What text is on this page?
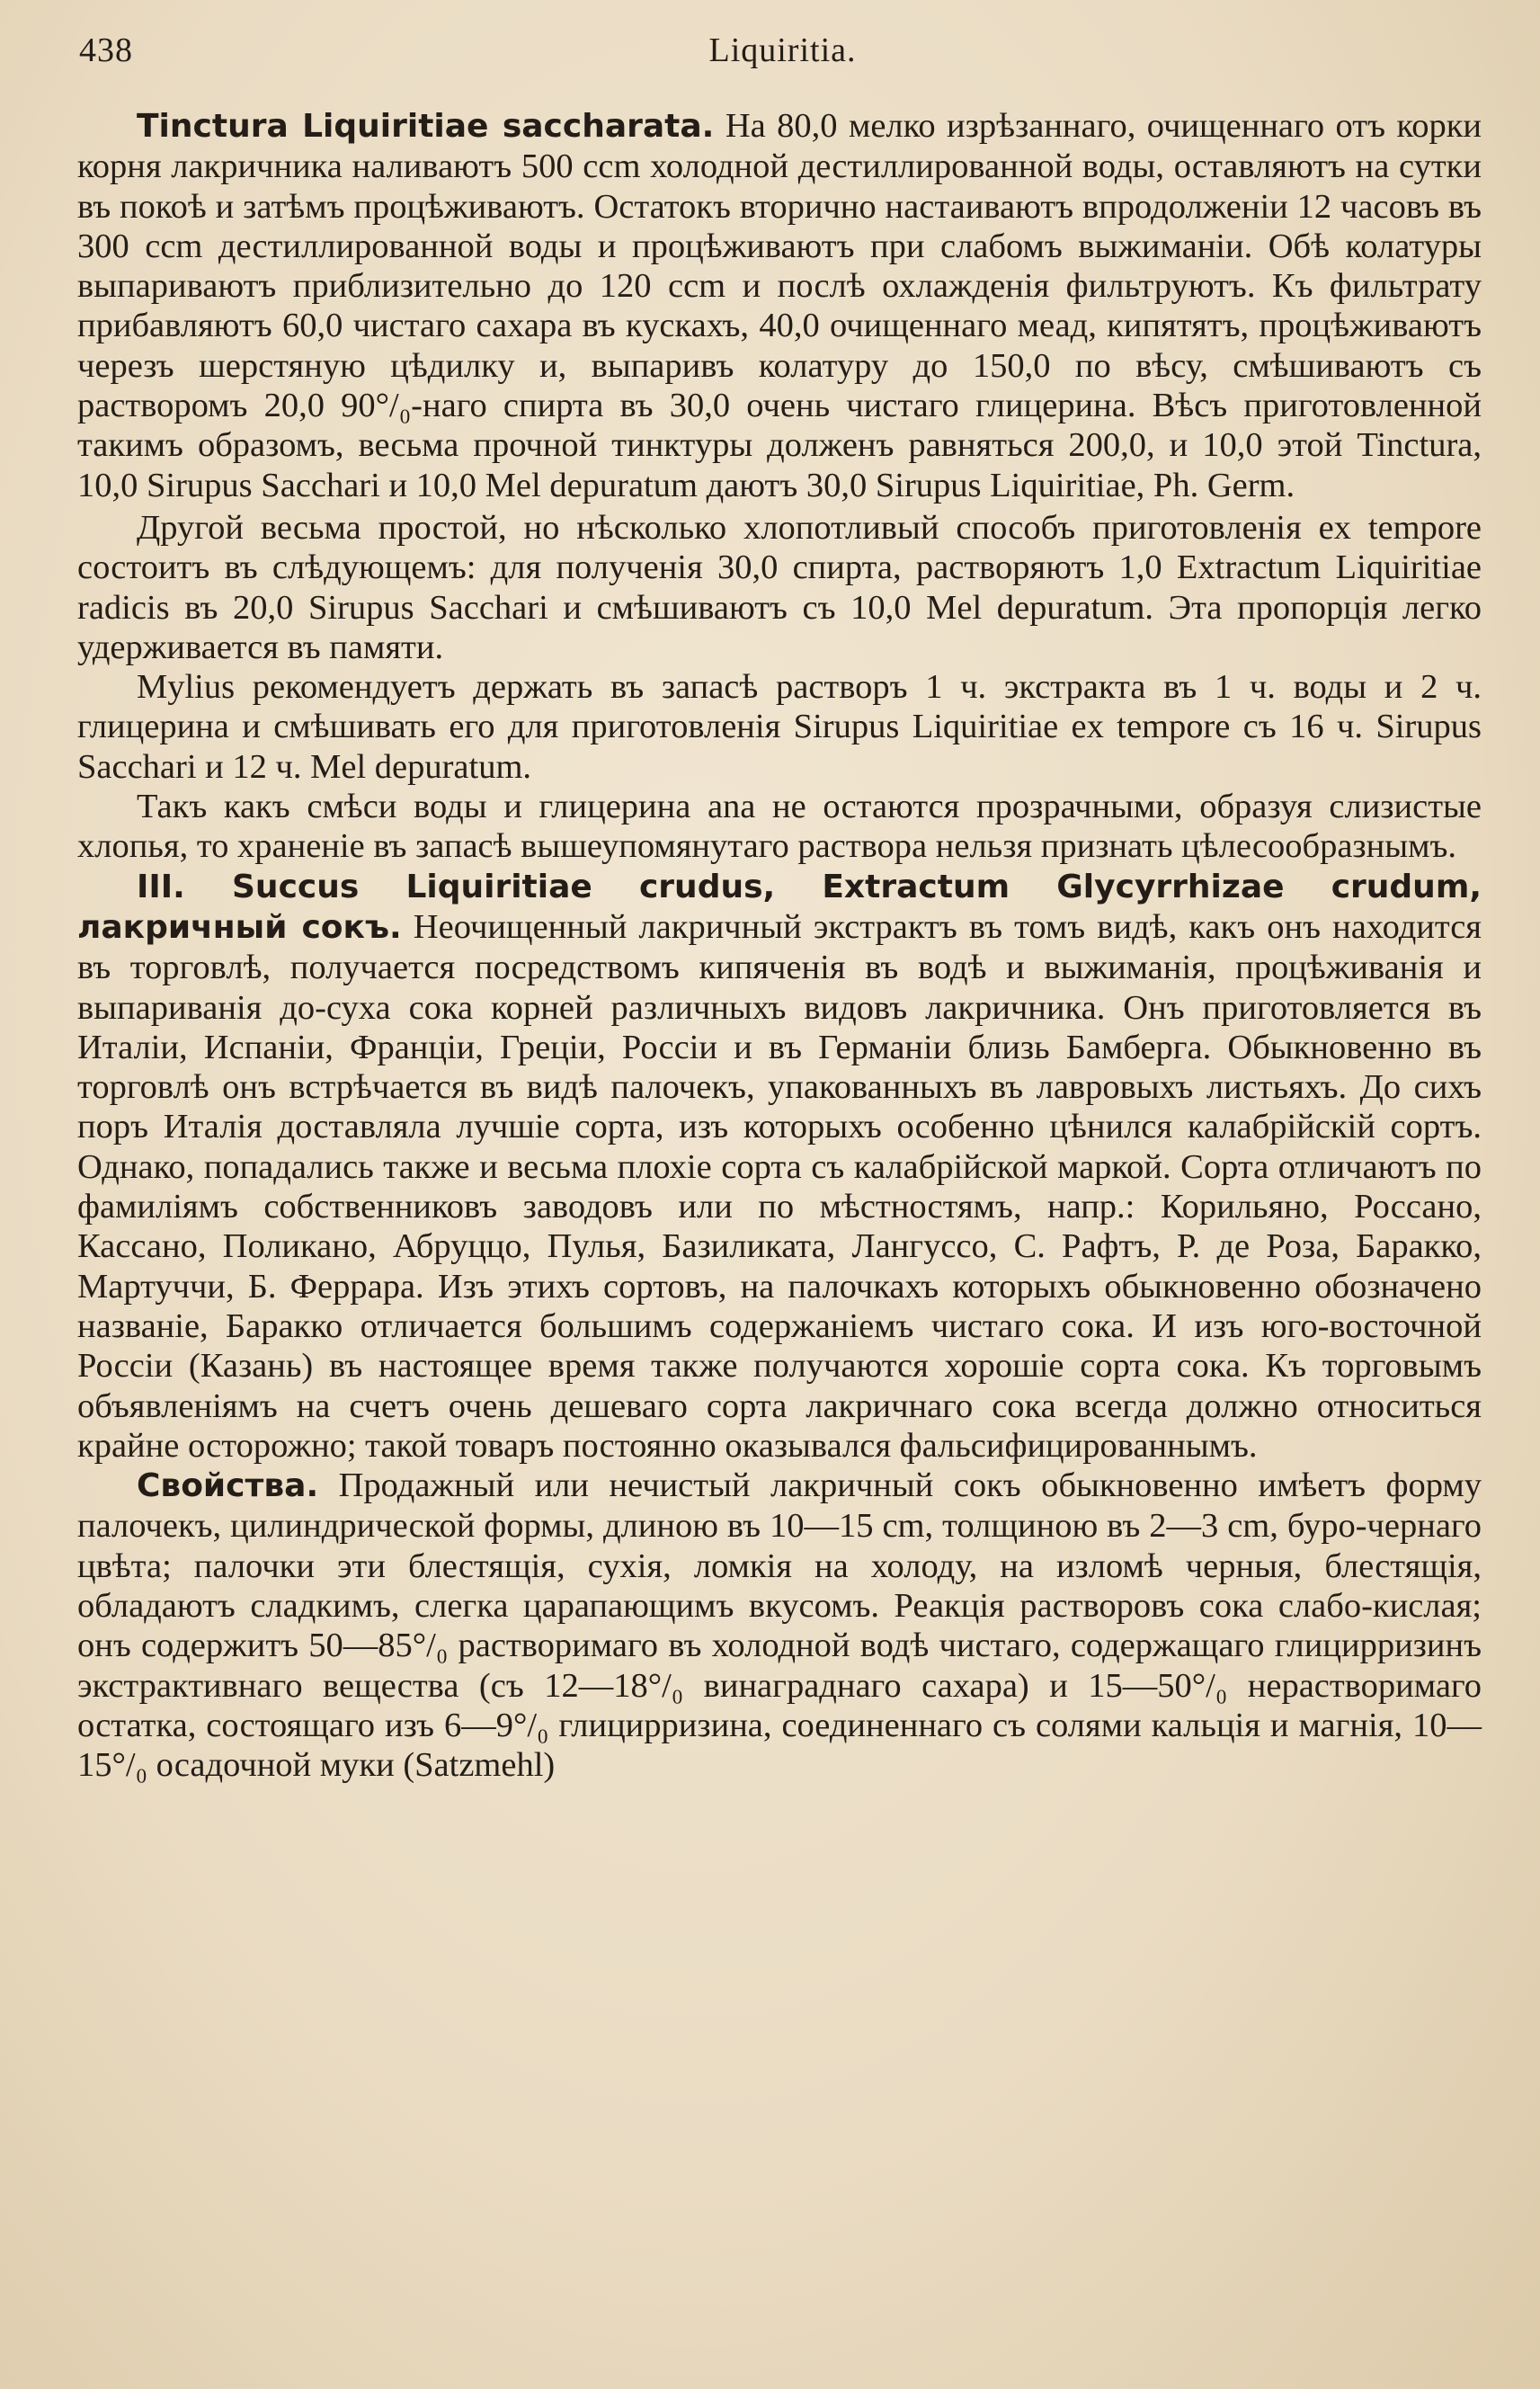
438	Liquiritia.

Tinctura Liquiritiae saccharata. На 80,0 мелко изрѣзаннаго, очищеннаго отъ корки корня лакричника наливаютъ 500 ccm холодной дестиллированной воды, оставляютъ на сутки въ покоѣ и затѣмъ процѣживаютъ. Остатокъ вторично настаиваютъ впродолженіи 12 часовъ въ 300 ccm дестиллированной воды и процѣживаютъ при слабомъ выжиманіи. Обѣ колатуры выпариваютъ приблизительно до 120 ccm и послѣ охлажденія фильтруютъ. Къ фильтрату прибавляютъ 60,0 чистаго сахара въ кускахъ, 40,0 очищеннаго меад, кипятятъ, процѣживаютъ черезъ шерстяную цѣдилку и, выпаривъ колатуру до 150,0 по вѣсу, смѣшиваютъ съ растворомъ 20,0 90°/₀-наго спирта въ 30,0 очень чистаго глицерина. Вѣсъ приготовленной такимъ образомъ, весьма прочной тинктуры долженъ равняться 200,0, и 10,0 этой Tinctura, 10,0 Sirupus Sacchari и 10,0 Mel depuratum даютъ 30,0 Sirupus Liquiritiae, Ph. Germ.

Другой весьма простой, но нѣсколько хлопотливый способъ приготовленія ex tempore состоитъ въ слѣдующемъ: для полученія 30,0 спирта, растворяютъ 1,0 Extractum Liquiritiae radicis въ 20,0 Sirupus Sacchari и смѣшиваютъ съ 10,0 Mel depuratum. Эта пропорція легко удерживается въ памяти.

Mylius рекомендуетъ держать въ запасѣ растворъ 1 ч. экстракта въ 1 ч. воды и 2 ч. глицерина и смѣшивать его для приготовленія Sirupus Liquiritiae ex tempore съ 16 ч. Sirupus Sacchari и 12 ч. Mel depuratum.

Такъ какъ смѣси воды и глицерина ana не остаются прозрачными, образуя слизистые хлопья, то храненіе въ запасѣ вышеупомянутаго раствора нельзя признать цѣлесообразнымъ.

III. Succus Liquiritiae crudus, Extractum Glycyrrhizae crudum, лакричный сокъ. Неочищенный лакричный экстрактъ въ томъ видѣ, какъ онъ находится въ торговлѣ, получается посредствомъ кипяченія въ водѣ и выжиманія, процѣживанія и выпариванія до-суха сока корней различныхъ видовъ лакричника. Онъ приготовляется въ Италіи, Испаніи, Франціи, Греціи, Россіи и въ Германіи близь Бамберга. Обыкновенно въ торговлѣ онъ встрѣчается въ видѣ палочекъ, упакованныхъ въ лавровыхъ листьяхъ. До сихъ поръ Италія доставляла лучшіе сорта, изъ которыхъ особенно цѣнился калабрійскій сортъ. Однако, попадались также и весьма плохіе сорта съ калабрійской маркой. Сорта отличаютъ по фамиліямъ собственниковъ заводовъ или по мѣстностямъ, напр.: Корильяно, Россано, Кассано, Поликано, Абруццо, Пулья, Базиликата, Лангуссо, С. Рафтъ, Р. де Роза, Баракко, Мартуччи, Б. Феррара. Изъ этихъ сортовъ, на палочкахъ которыхъ обыкновенно обозначено названіе, Баракко отличается большимъ содержаніемъ чистаго сока. И изъ юго-восточной Россіи (Казань) въ настоящее время также получаются хорошіе сорта сока. Къ торговымъ объявленіямъ на счетъ очень дешеваго сорта лакричнаго сока всегда должно относиться крайне осторожно; такой товаръ постоянно оказывался фальсифицированнымъ.

Свойства. Продажный или нечистый лакричный сокъ обыкновенно имѣетъ форму палочекъ, цилиндрической формы, длиною въ 10—15 cm, толщиною въ 2—3 cm, буро-чернаго цвѣта; палочки эти блестящія, сухія, ломкія на холоду, на изломѣ черныя, блестящія, обладаютъ сладкимъ, слегка царапающимъ вкусомъ. Реакція растворовъ сока слабо-кислая; онъ содержитъ 50—85°/₀ растворимаго въ холодной водѣ чистаго, содержащаго глицирризинъ экстрактивнаго вещества (съ 12—18°/₀ винаграднаго сахара) и 15—50°/₀ нерастворимаго остатка, состоящаго изъ 6—9°/₀ глицирризина, соединеннаго съ солями кальція и магнія, 10—15°/₀ осадочной муки (Satzmehl)
